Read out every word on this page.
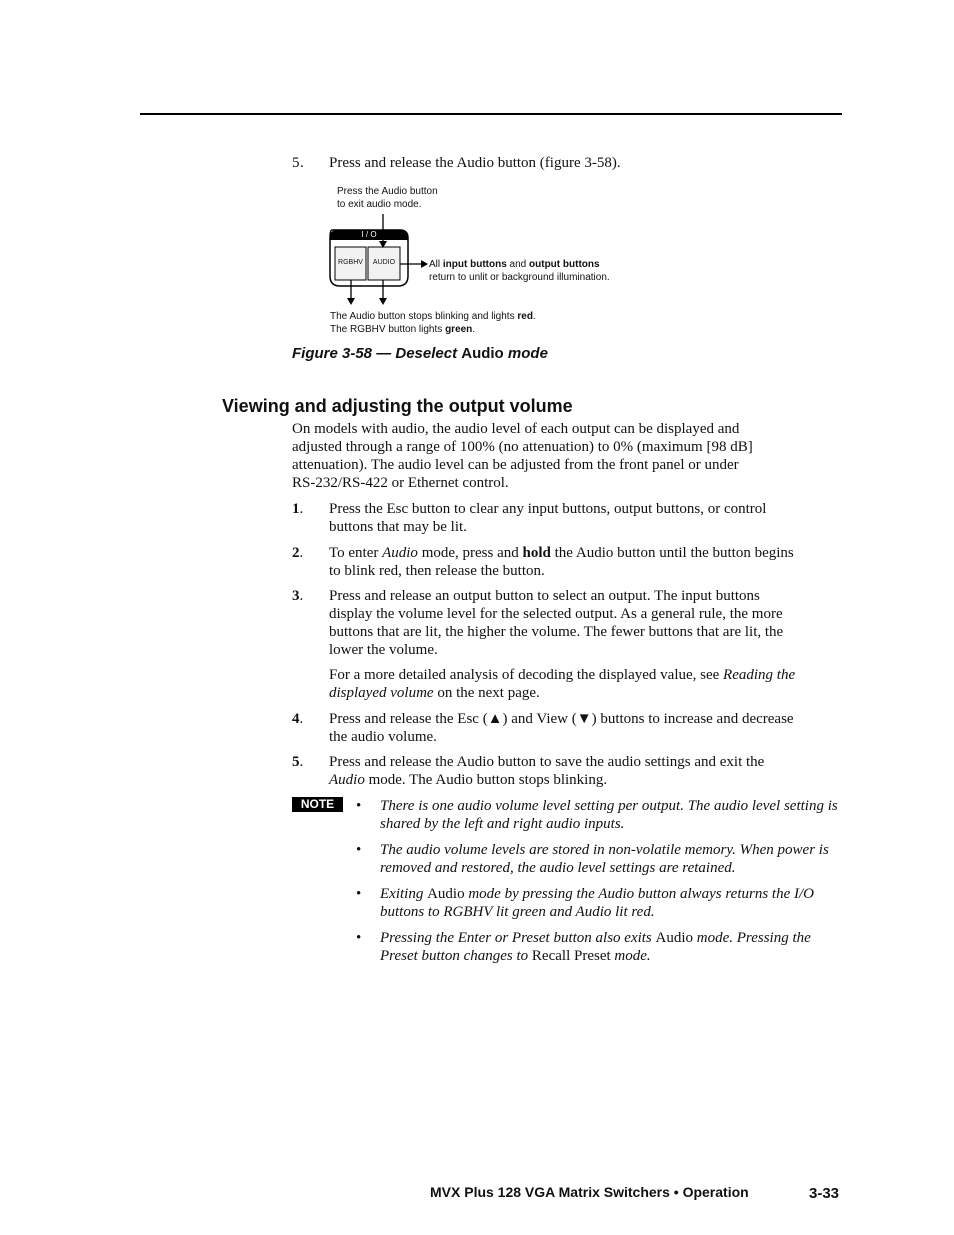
5 . Press and release the Audio button (figure 3-58).
Press the Audio button
to exit audio mode.
I / O
RGBHV	AUDIO	All input buttons and output buttons
return to unlit or background illumination.
The Audio button stops blinking and lights red.
The RGBHV button lights green.
Figure 3-58 — Deselect Audio mode
Viewing and adjusting the output volume
On models with audio, the audio level of each output can be displayed and
adjusted through a range of 100% (no attenuation) to 0% (maximum [98 dB]
attenuation). The audio level can be adjusted from the front panel or under
RS-232/RS-422 or Ethernet control.
1. Press the Esc button to clear any input buttons, output buttons, or control
buttons that may be lit.
2. To enter Audio mode, press and hold the Audio button until the button begins
to blink red, then release the button.
3. Press and release an output button to select an output. The input buttons
display the volume level for the selected output. As a general rule, the more
buttons that are lit, the higher the volume. The fewer buttons that are lit, the
lower the volume.
For a more detailed analysis of decoding the displayed value, see Reading the
displayed volume on the next page.
4. Press and release the Esc (▲) and View (▼) buttons to increase and decrease
the audio volume.
5. Press and release the Audio button to save the audio settings and exit the
Audio mode. The Audio button stops blinking.
NOTE	• There is one audio volume level setting per output. The audio level setting is
shared by the left and right audio inputs.
• The audio volume levels are stored in non-volatile memory. When power is
removed and restored, the audio level settings are retained.
• Exiting Audio mode by pressing the Audio button always returns the I/O
buttons to RGBHV lit green and Audio lit red.
• Pressing the Enter or Preset button also exits Audio mode. Pressing the
Preset button changes to Recall Preset mode.
MVX Plus 128 VGA Matrix Switchers • Operation	3-33
